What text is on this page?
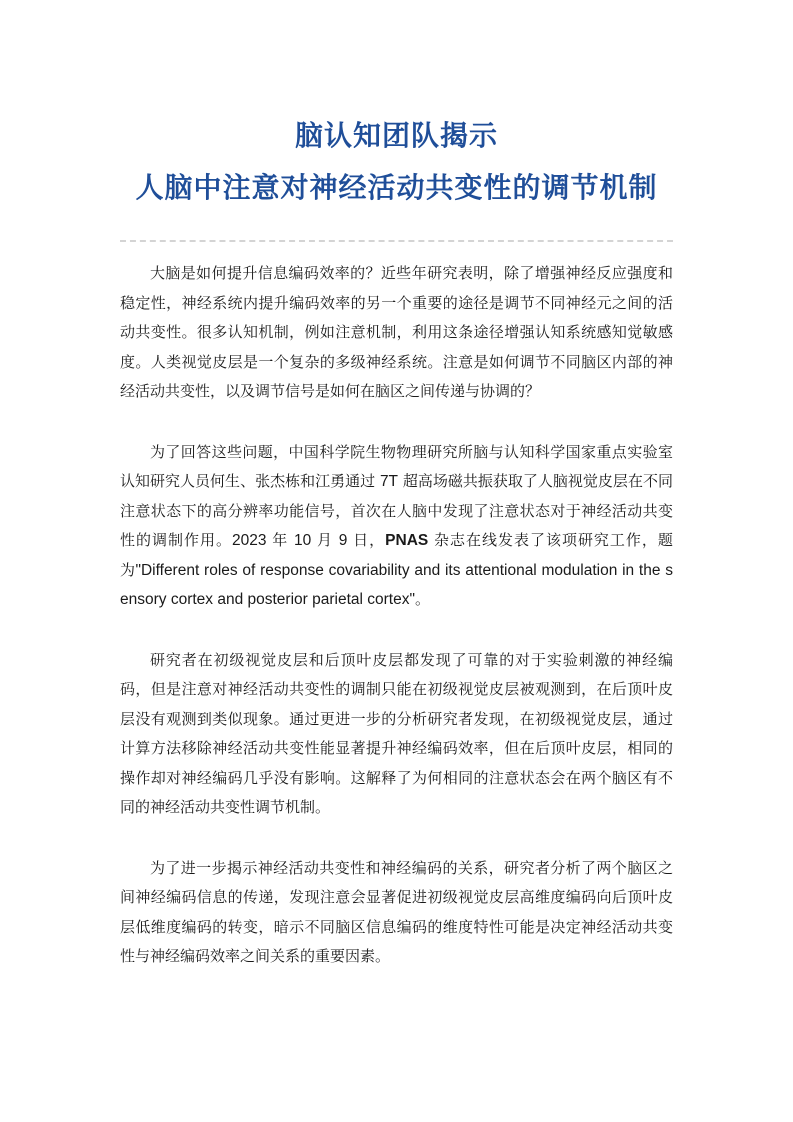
脑认知团队揭示
人脑中注意对神经活动共变性的调节机制

大脑是如何提升信息编码效率的？近些年研究表明，除了增强神经反应强度和稳定性，神经系统内提升编码效率的另一个重要的途径是调节不同神经元之间的活动共变性。很多认知机制，例如注意机制，利用这条途径增强认知系统感知觉敏感度。人类视觉皮层是一个复杂的多级神经系统。注意是如何调节不同脑区内部的神经活动共变性，以及调节信号是如何在脑区之间传递与协调的？

为了回答这些问题，中国科学院生物物理研究所脑与认知科学国家重点实验室认知研究人员何生、张杰栋和江勇通过 7T 超高场磁共振获取了人脑视觉皮层在不同注意状态下的高分辨率功能信号，首次在人脑中发现了注意状态对于神经活动共变性的调制作用。2023 年 10 月 9 日，PNAS 杂志在线发表了该项研究工作，题为"Different roles of response covariability and its attentional modulation in the sensory cortex and posterior parietal cortex"。

研究者在初级视觉皮层和后顶叶皮层都发现了可靠的对于实验刺激的神经编码，但是注意对神经活动共变性的调制只能在初级视觉皮层被观测到，在后顶叶皮层没有观测到类似现象。通过更进一步的分析研究者发现，在初级视觉皮层，通过计算方法移除神经活动共变性能显著提升神经编码效率，但在后顶叶皮层，相同的操作却对神经编码几乎没有影响。这解释了为何相同的注意状态会在两个脑区有不同的神经活动共变性调节机制。

为了进一步揭示神经活动共变性和神经编码的关系，研究者分析了两个脑区之间神经编码信息的传递，发现注意会显著促进初级视觉皮层高维度编码向后顶叶皮层低维度编码的转变，暗示不同脑区信息编码的维度特性可能是决定神经活动共变性与神经编码效率之间关系的重要因素。
